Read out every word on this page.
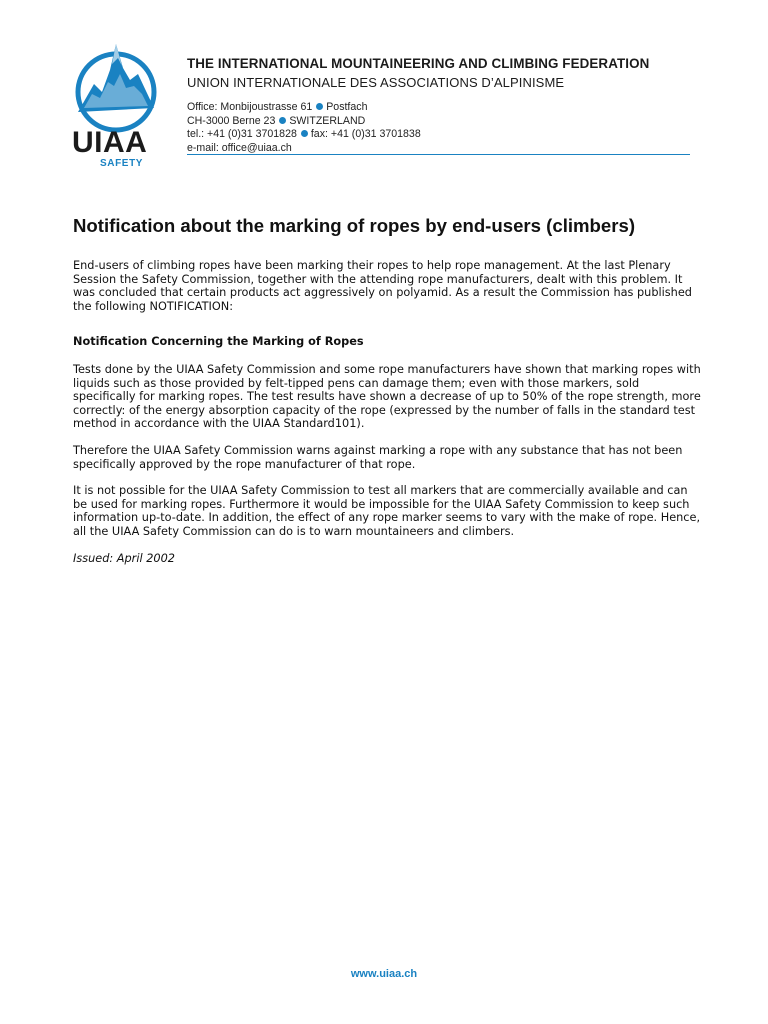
UIAA
SAFETY
THE INTERNATIONAL MOUNTAINEERING AND CLIMBING FEDERATION
UNION INTERNATIONALE DES ASSOCIATIONS D’ALPINISME
Office: Monbijoustrasse 61 Postfach
CH-3000 Berne 23 SWITZERLAND
tel.: +41 (0)31 3701828 fax: +41 (0)31 3701838
e-mail: office@uiaa.ch
Notification about the marking of ropes by end-users (climbers)

End-users of climbing ropes have been marking their ropes to help rope management. At the last Plenary Session the Safety Commission, together with the attending rope manufacturers, dealt with this problem. It was concluded that certain products act aggressively on polyamid. As a result the Commission has published the following NOTIFICATION:

Notification Concerning the Marking of Ropes

Tests done by the UIAA Safety Commission and some rope manufacturers have shown that marking ropes with liquids such as those provided by felt-tipped pens can damage them; even with those markers, sold specifically for marking ropes. The test results have shown a decrease of up to 50% of the rope strength, more correctly: of the energy absorption capacity of the rope (expressed by the number of falls in the standard test method in accordance with the UIAA Standard101).

Therefore the UIAA Safety Commission warns against marking a rope with any substance that has not been specifically approved by the rope manufacturer of that rope.

It is not possible for the UIAA Safety Commission to test all markers that are commercially available and can be used for marking ropes. Furthermore it would be impossible for the UIAA Safety Commission to keep such information up-to-date. In addition, the effect of any rope marker seems to vary with the make of rope. Hence, all the UIAA Safety Commission can do is to warn mountaineers and climbers.

Issued: April 2002

www.uiaa.ch
